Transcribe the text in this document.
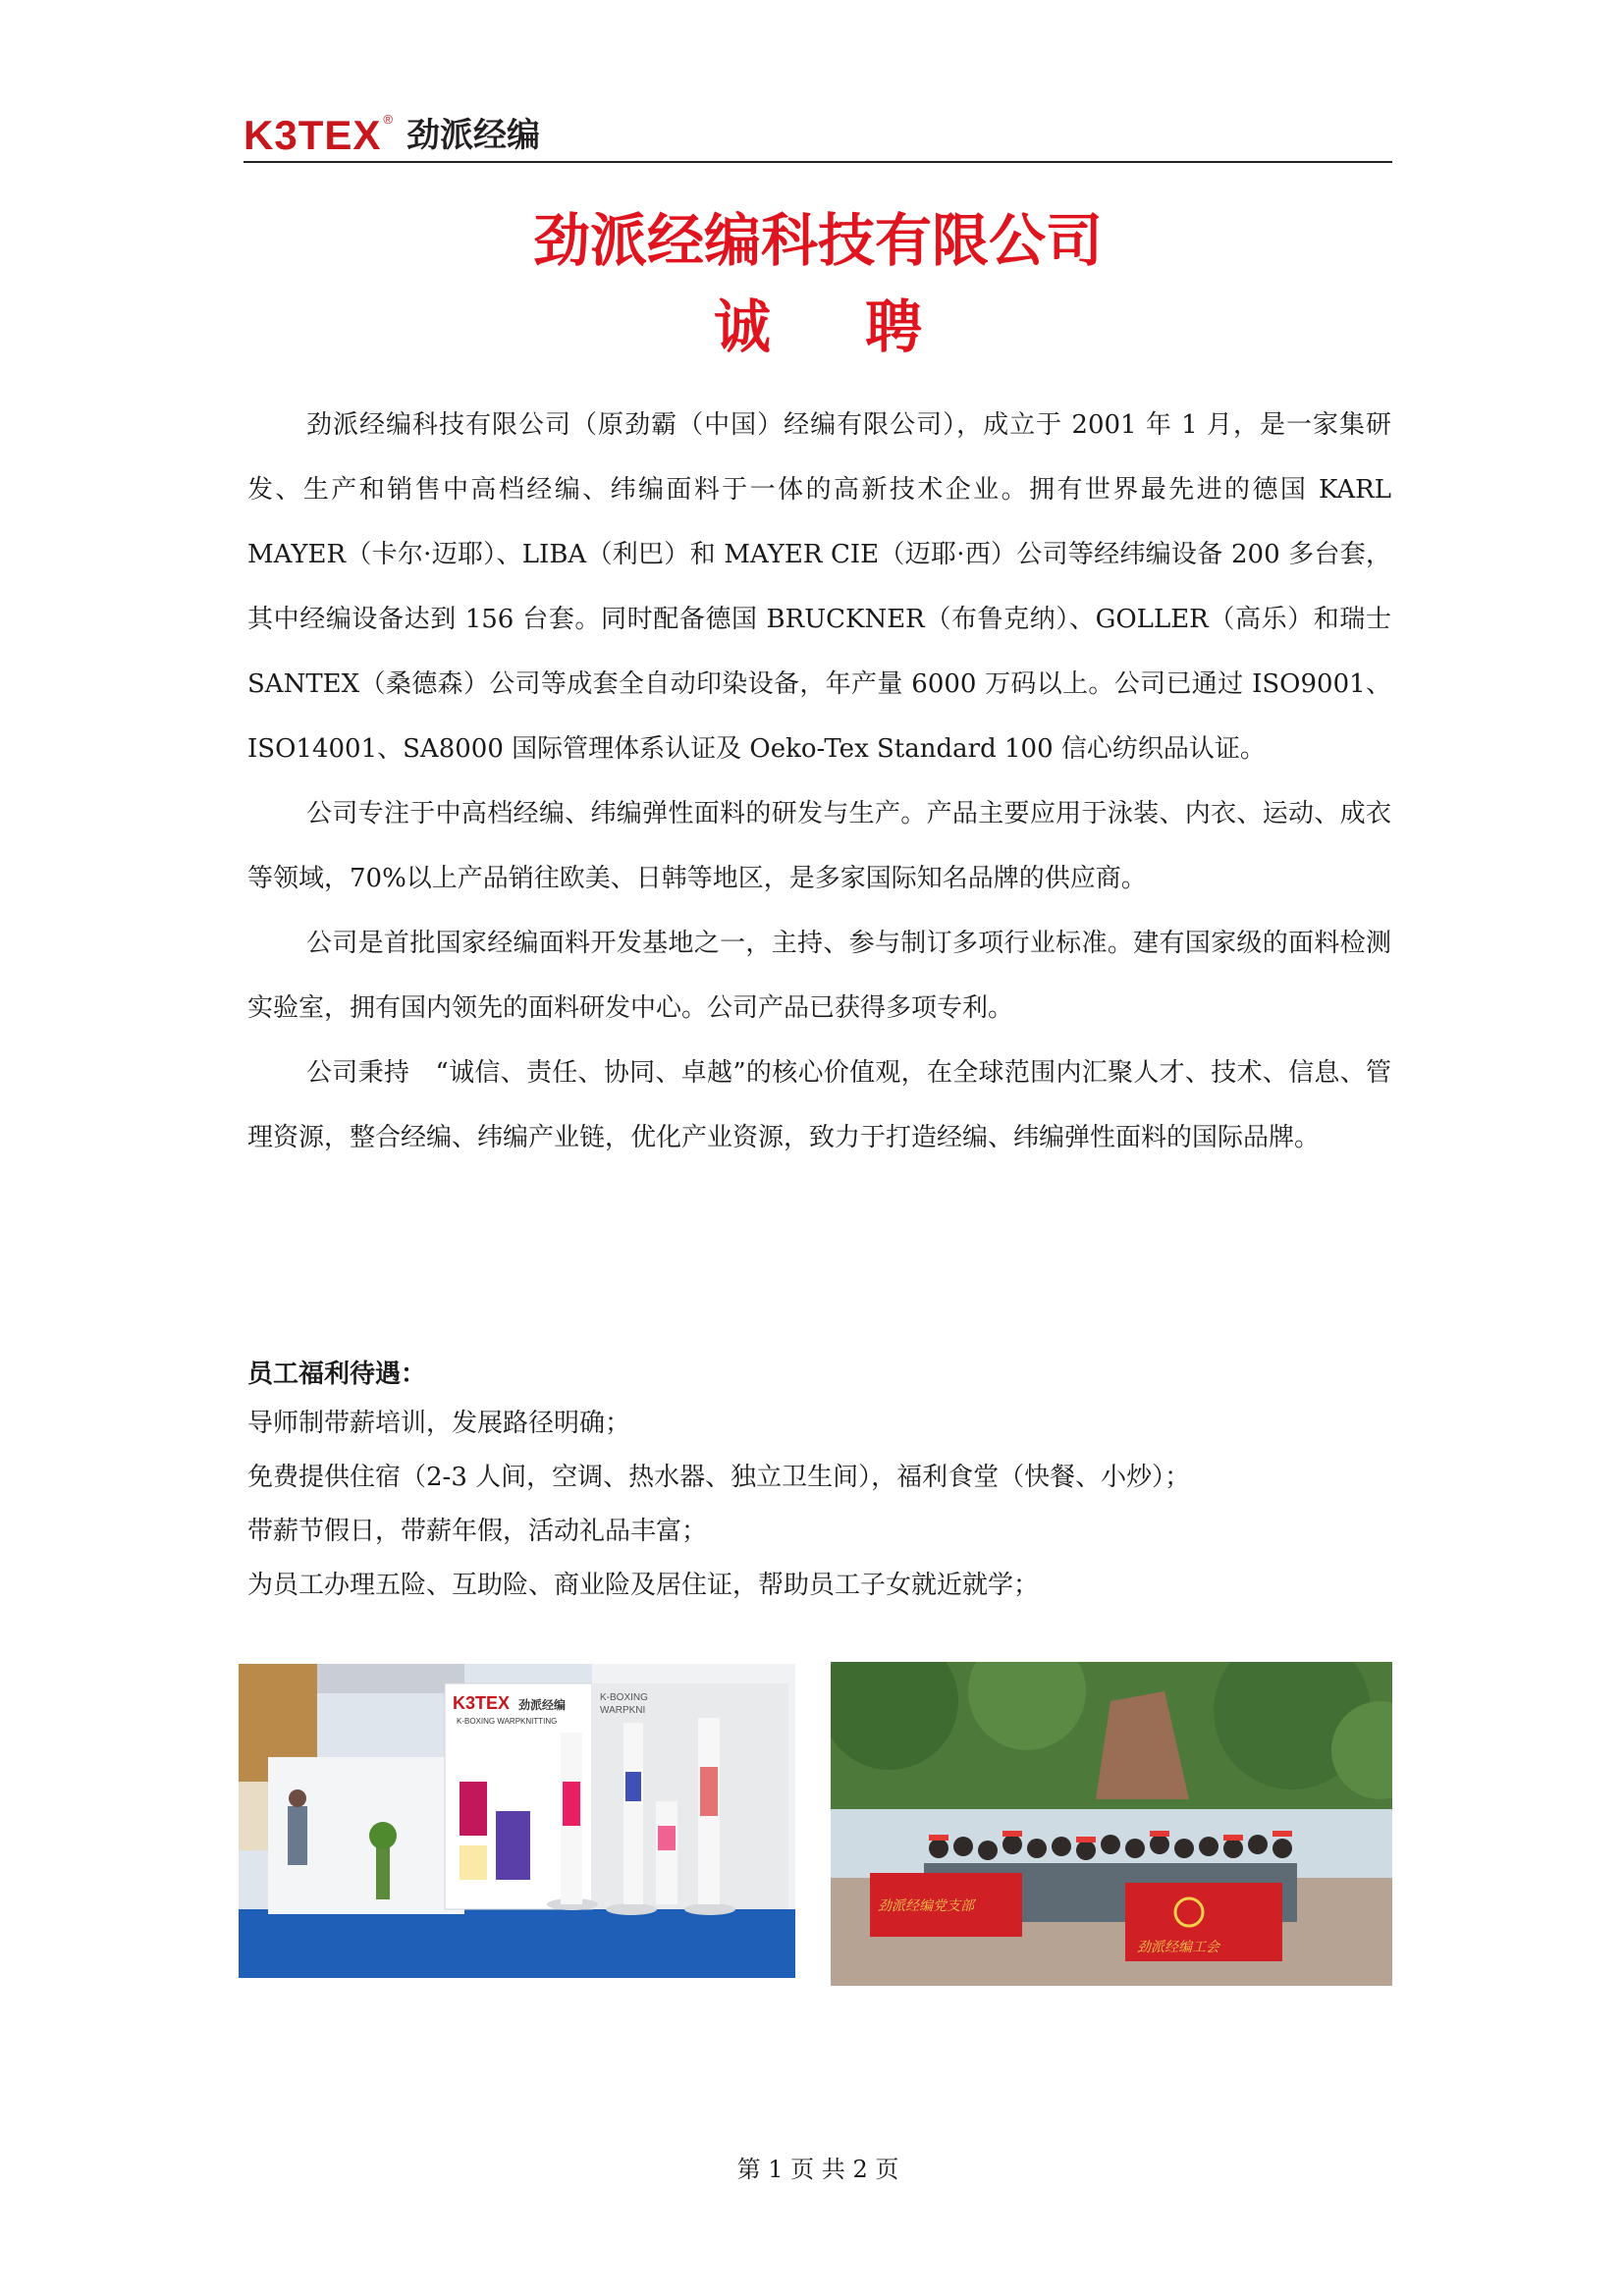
K3TEX ® 劲派经编
劲派经编科技有限公司
诚聘

劲派经编科技有限公司（原劲霸（中国）经编有限公司），成立于 2001 年 1 月，是一家集研发、生产和销售中高档经编、纬编面料于一体的高新技术企业。拥有世界最先进的德国 KARL MAYER（卡尔·迈耶）、LIBA（利巴）和 MAYER CIE（迈耶·西）公司等经纬编设备 200 多台套，其中经编设备达到 156 台套。同时配备德国 BRUCKNER（布鲁克纳）、GOLLER（高乐）和瑞士 SANTEX（桑德森）公司等成套全自动印染设备，年产量 6000 万码以上。公司已通过 ISO9001、ISO14001、SA8000 国际管理体系认证及 Oeko-Tex Standard 100 信心纺织品认证。

公司专注于中高档经编、纬编弹性面料的研发与生产。产品主要应用于泳装、内衣、运动、成衣等领域，70%以上产品销往欧美、日韩等地区，是多家国际知名品牌的供应商。

公司是首批国家经编面料开发基地之一，主持、参与制订多项行业标准。建有国家级的面料检测实验室，拥有国内领先的面料研发中心。公司产品已获得多项专利。

公司秉持　“诚信、责任、协同、卓越”的核心价值观，在全球范围内汇聚人才、技术、信息、管理资源，整合经编、纬编产业链，优化产业资源，致力于打造经编、纬编弹性面料的国际品牌。

员工福利待遇：
导师制带薪培训，发展路径明确；
免费提供住宿（2-3 人间，空调、热水器、独立卫生间），福利食堂（快餐、小炒）；
带薪节假日，带薪年假，活动礼品丰富；
为员工办理五险、互助险、商业险及居住证，帮助员工子女就近就学；
K3TEX 劲派经编
K-BOXING WARPKNITTING
K-BOXING WARPKNI
劲派经编党支部
劲派经编工会
第 1 页 共 2 页
